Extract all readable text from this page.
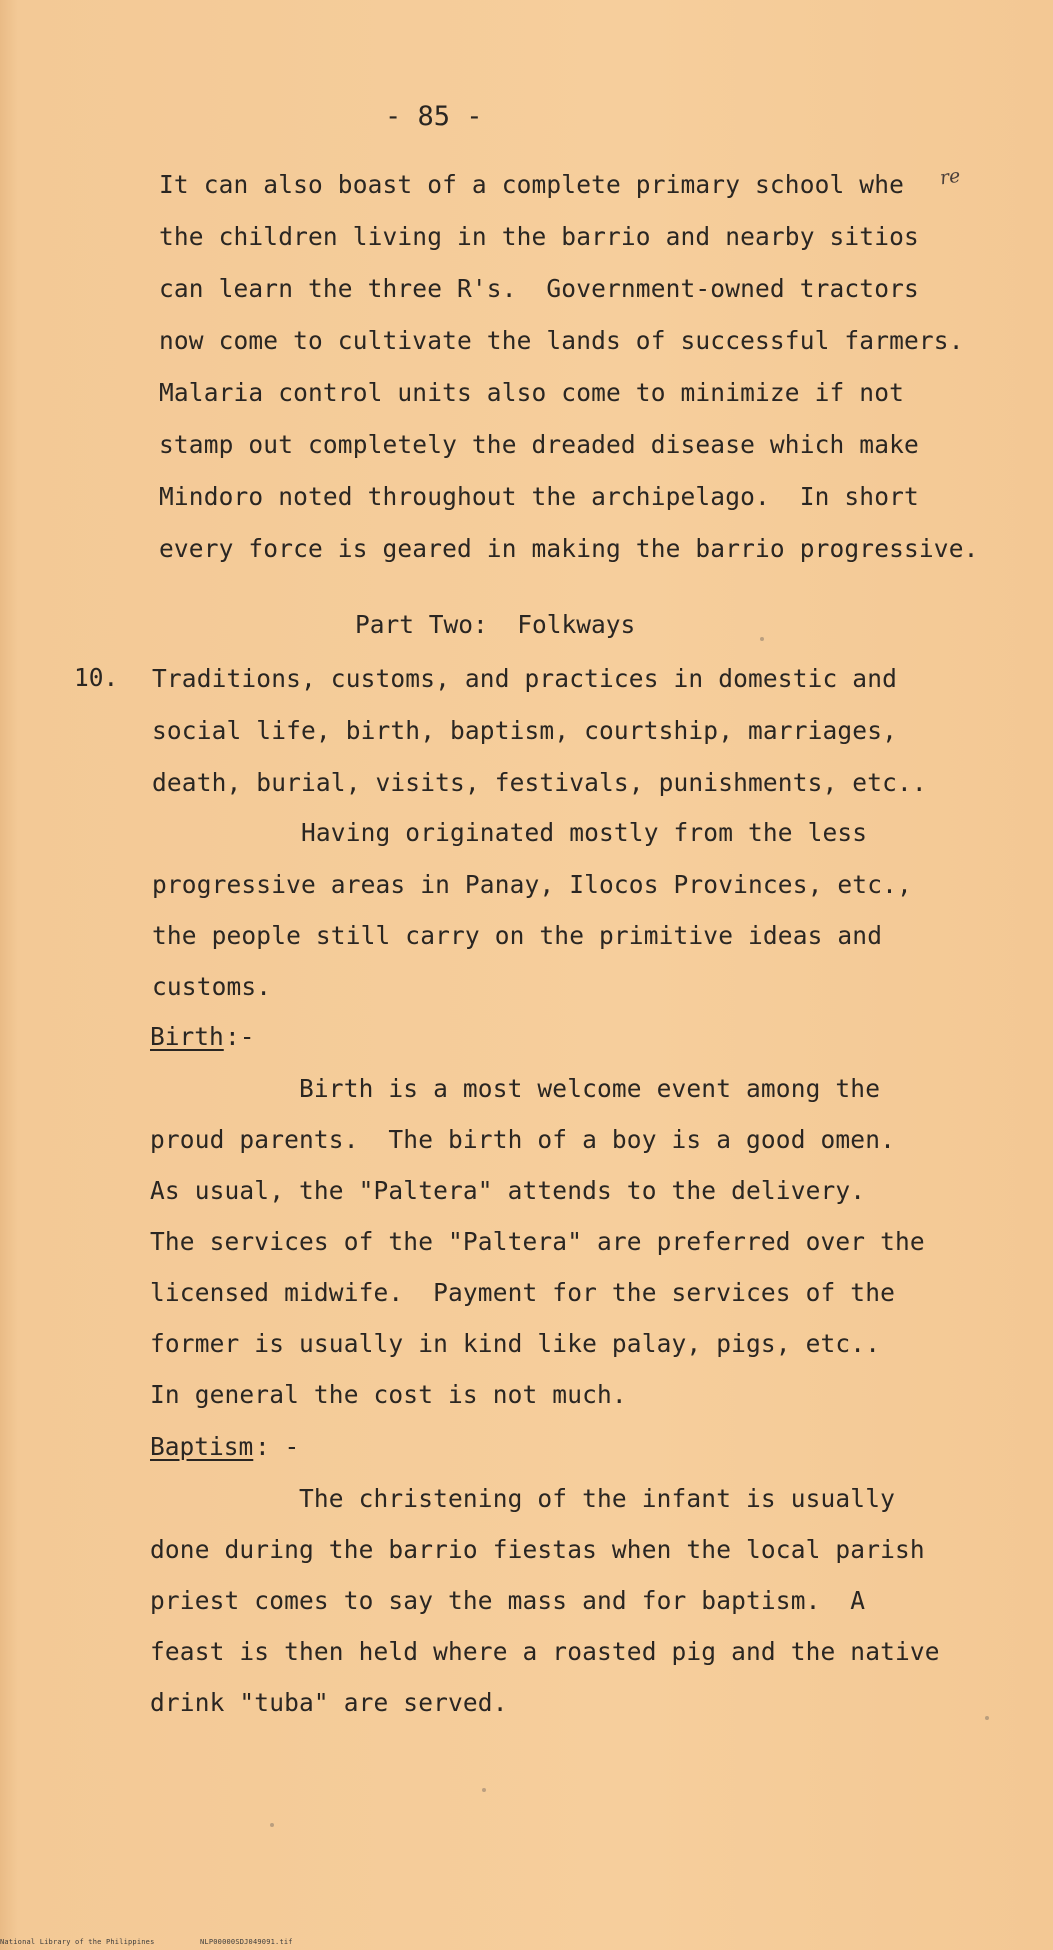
- 85 -
It can also boast of a complete primary school whe re
the children living in the barrio and nearby sitios
can learn the three R's.  Government-owned tractors
now come to cultivate the lands of successful farmers.
Malaria control units also come to minimize if not
stamp out completely the dreaded disease which make
Mindoro noted throughout the archipelago.  In short
every force is geared in making the barrio progressive.
Part Two:  Folkways
10. Traditions, customs, and practices in domestic and
social life, birth, baptism, courtship, marriages,
death, burial, visits, festivals, punishments, etc..
Having originated mostly from the less
progressive areas in Panay, Ilocos Provinces, etc.,
the people still carry on the primitive ideas and
customs.
Birth :-
Birth is a most welcome event among the
proud parents.  The birth of a boy is a good omen.
As usual, the "Paltera" attends to the delivery.
The services of the "Paltera" are preferred over the
licensed midwife.  Payment for the services of the
former is usually in kind like palay, pigs, etc..
In general the cost is not much.
Baptism : -
The christening of the infant is usually
done during the barrio fiestas when the local parish
priest comes to say the mass and for baptism.  A
feast is then held where a roasted pig and the native
drink "tuba" are served.
National Library of the Philippines	NLP00000SDJ049091.tif
